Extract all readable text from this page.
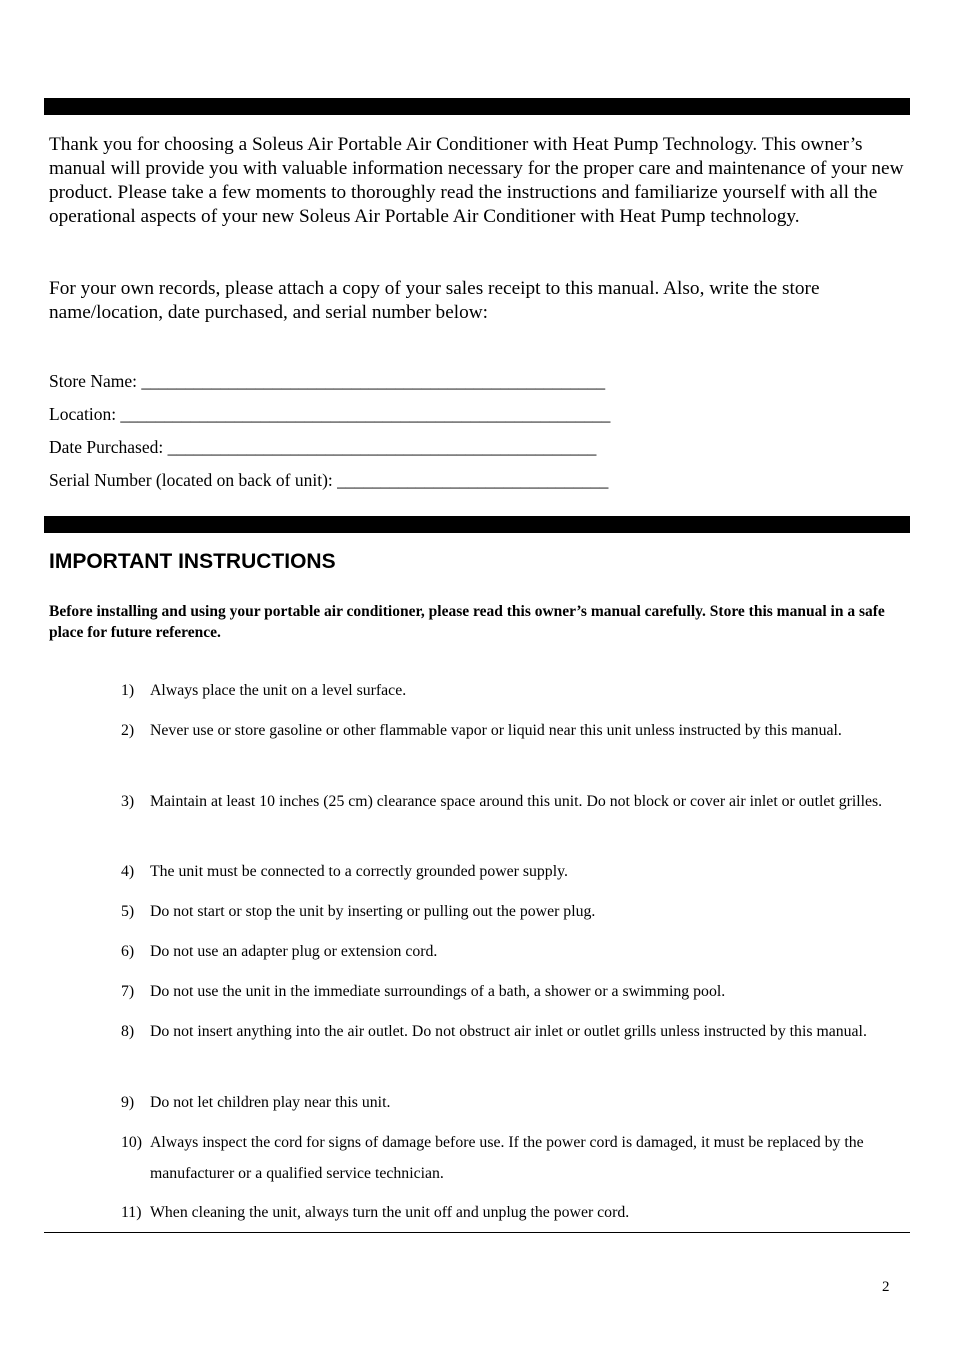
Thank you for choosing a Soleus Air Portable Air Conditioner with Heat Pump Technology. This owner’s manual will provide you with valuable information necessary for the proper care and maintenance of your new product. Please take a few moments to thoroughly read the instructions and familiarize yourself with all the operational aspects of your new Soleus Air Portable Air Conditioner with Heat Pump technology.

For your own records, please attach a copy of your sales receipt to this manual. Also, write the store name/location, date purchased, and serial number below:

Store Name: _____________________________________________________

Location: ________________________________________________________

Date Purchased: _________________________________________________

Serial Number (located on back of unit): _______________________________

IMPORTANT INSTRUCTIONS

Before installing and using your portable air conditioner, please read this owner’s manual carefully. Store this manual in a safe place for future reference.

1) Always place the unit on a level surface.
2) Never use or store gasoline or other flammable vapor or liquid near this unit unless instructed by this manual.
3) Maintain at least 10 inches (25 cm) clearance space around this unit. Do not block or cover air inlet or outlet grilles.
4) The unit must be connected to a correctly grounded power supply.
5) Do not start or stop the unit by inserting or pulling out the power plug.
6) Do not use an adapter plug or extension cord.
7) Do not use the unit in the immediate surroundings of a bath, a shower or a swimming pool.
8) Do not insert anything into the air outlet. Do not obstruct air inlet or outlet grills unless instructed by this manual.
9) Do not let children play near this unit.
10) Always inspect the cord for signs of damage before use. If the power cord is damaged, it must be replaced by the manufacturer or a qualified service technician.
11) When cleaning the unit, always turn the unit off and unplug the power cord.
2
